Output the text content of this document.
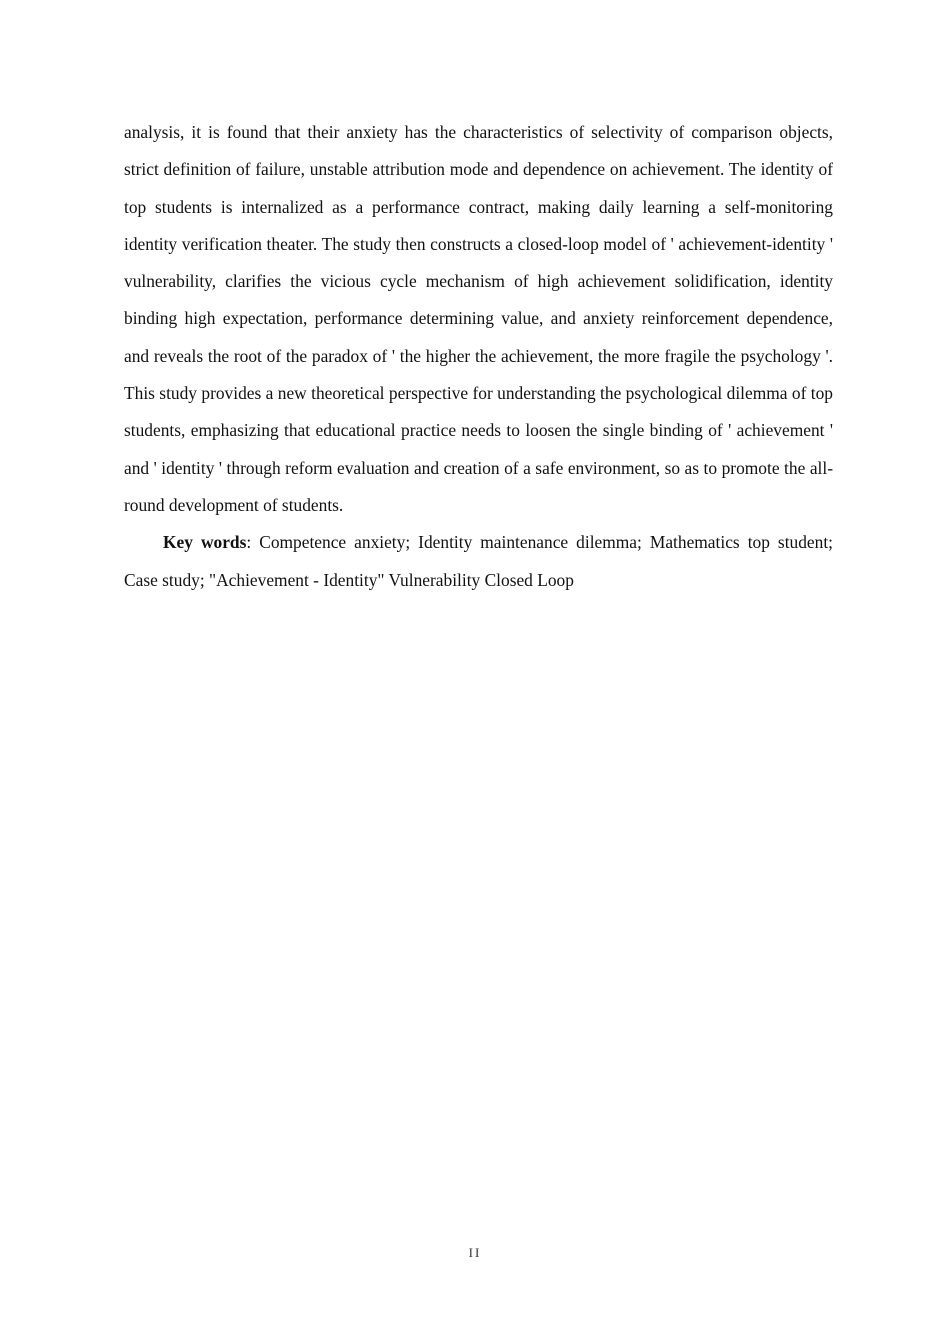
analysis, it is found that their anxiety has the characteristics of selectivity of comparison objects, strict definition of failure, unstable attribution mode and dependence on achievement. The identity of top students is internalized as a performance contract, making daily learning a self-monitoring identity verification theater. The study then constructs a closed-loop model of ' achievement-identity ' vulnerability, clarifies the vicious cycle mechanism of high achievement solidification, identity binding high expectation, performance determining value, and anxiety reinforcement dependence, and reveals the root of the paradox of ' the higher the achievement, the more fragile the psychology '. This study provides a new theoretical perspective for understanding the psychological dilemma of top students, emphasizing that educational practice needs to loosen the single binding of ' achievement ' and ' identity ' through reform evaluation and creation of a safe environment, so as to promote the all-round development of students.

Key words: Competence anxiety; Identity maintenance dilemma; Mathematics top student; Case study; "Achievement - Identity" Vulnerability Closed Loop

II
